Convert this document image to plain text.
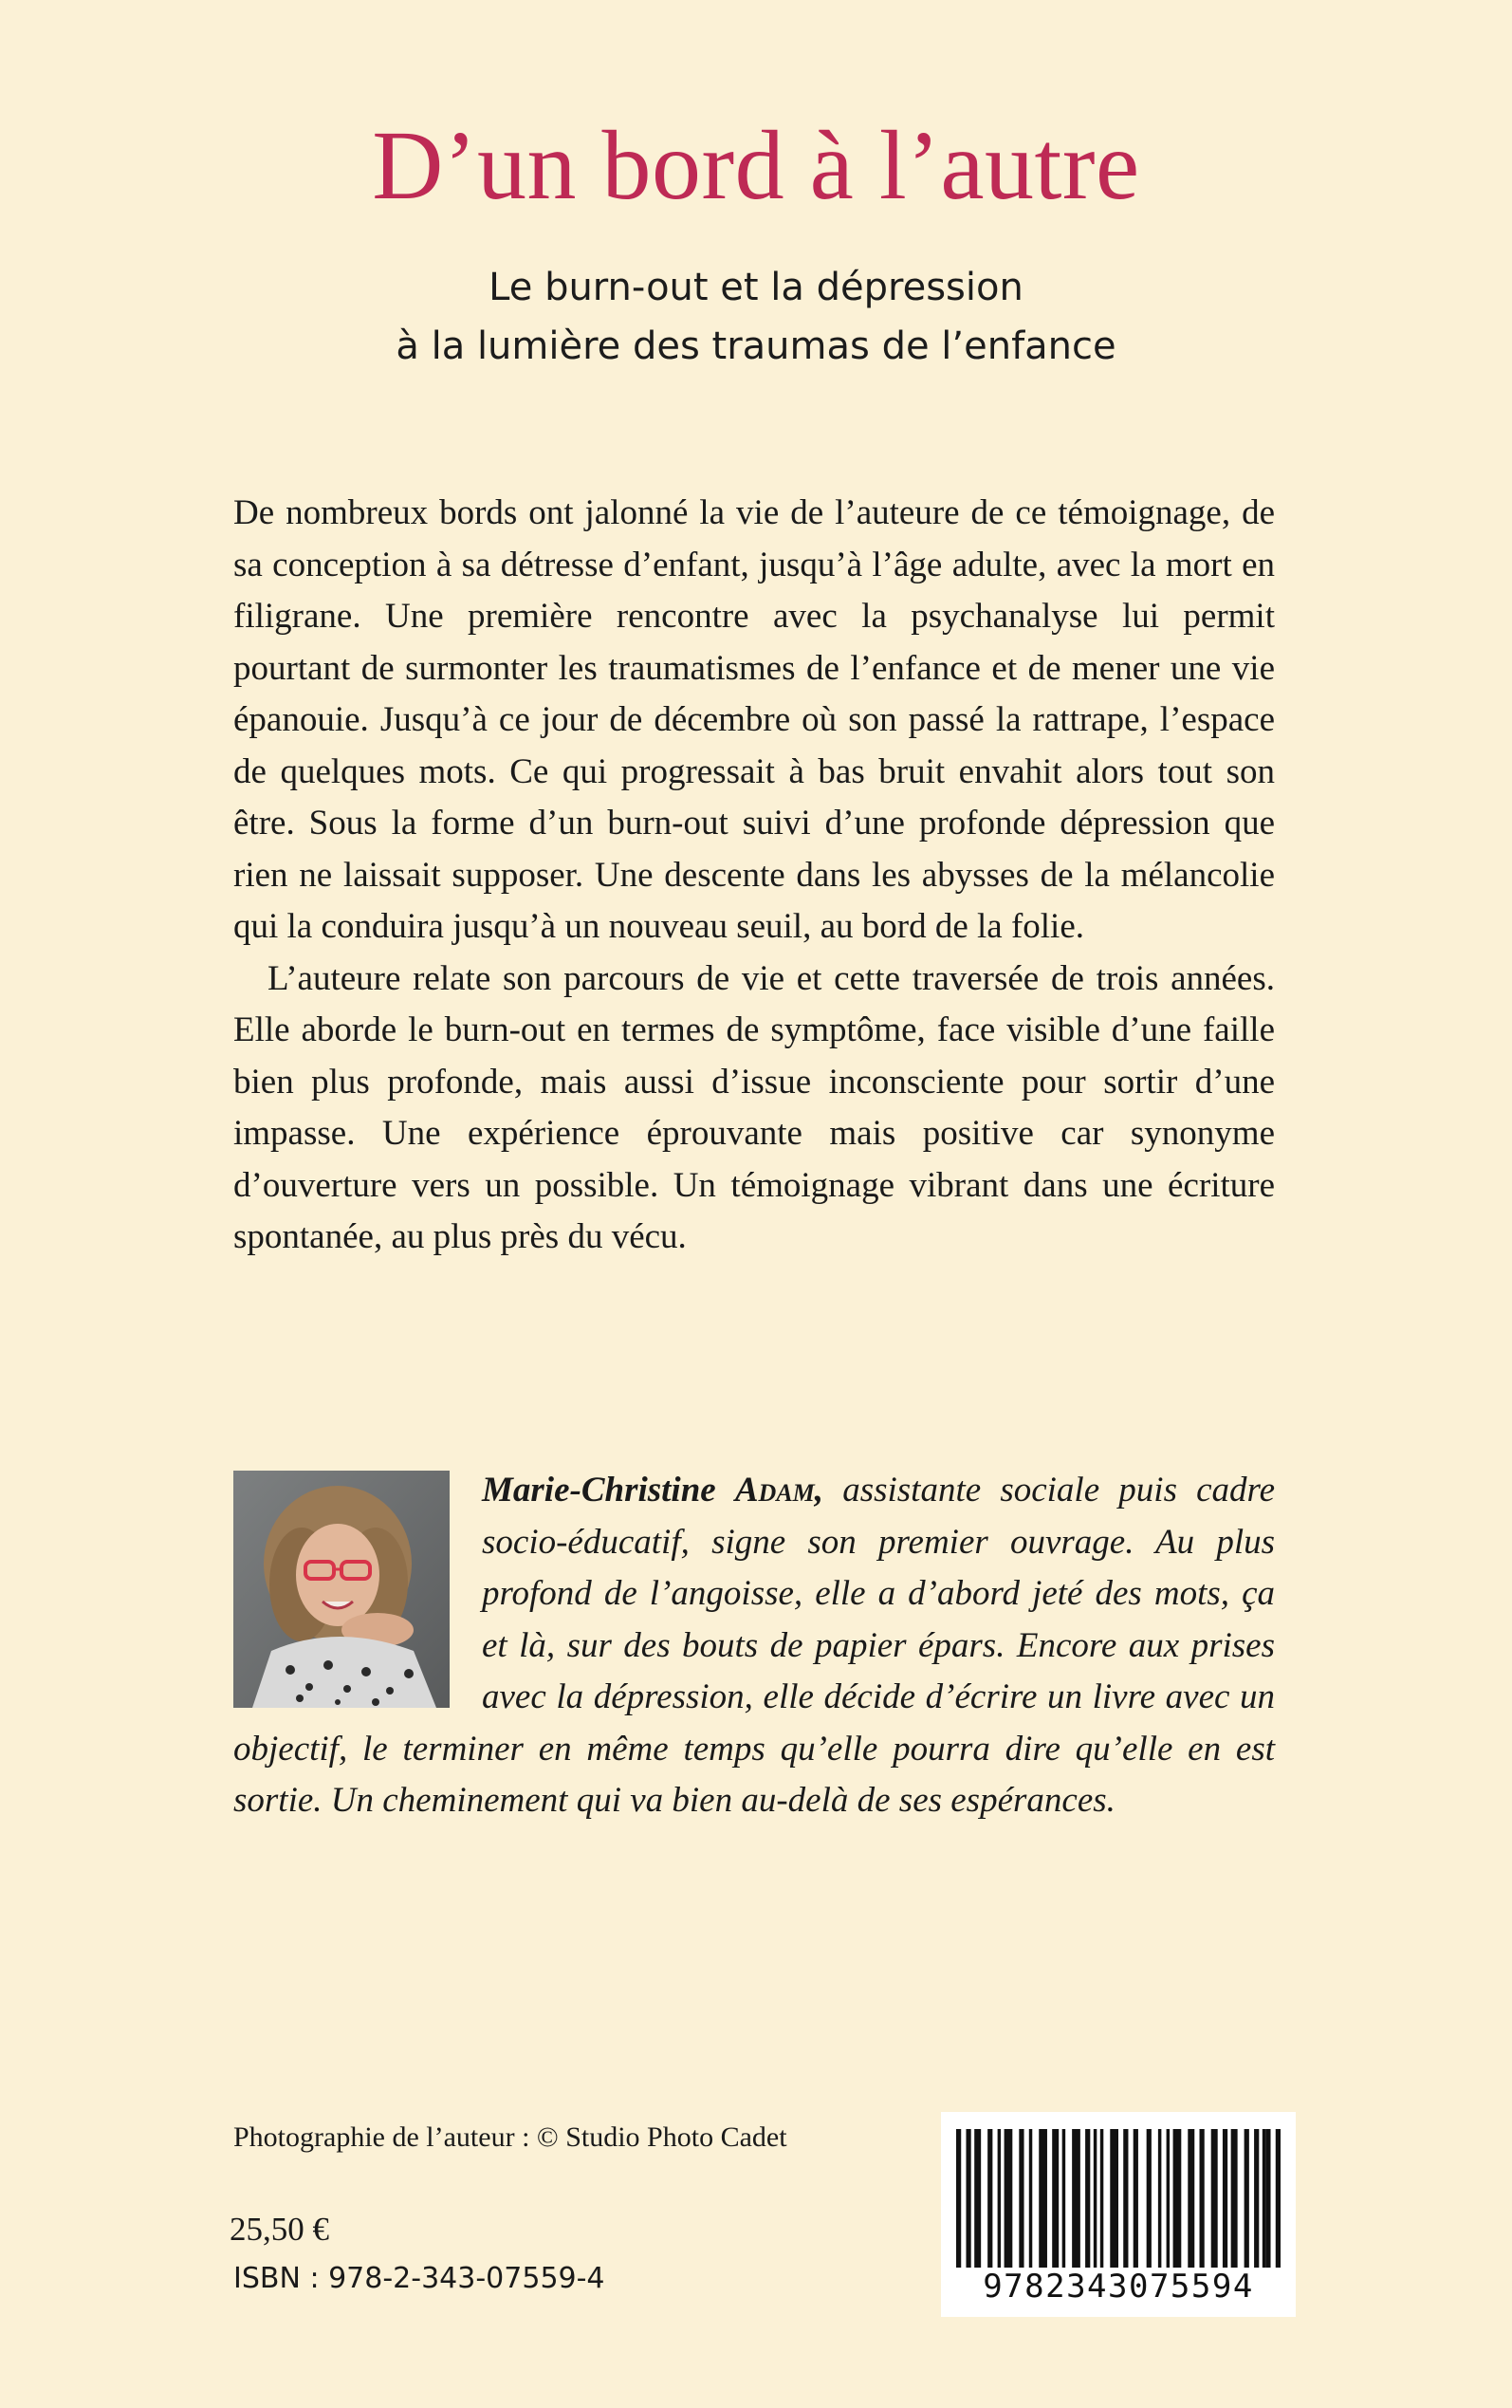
D’un bord à l’autre
Le burn-out et la dépression
à la lumière des traumas de l’enfance

De nombreux bords ont jalonné la vie de l’auteure de ce témoignage, de sa conception à sa détresse d’enfant, jusqu’à l’âge adulte, avec la mort en filigrane. Une première rencontre avec la psychanalyse lui permit pourtant de surmonter les traumatismes de l’enfance et de mener une vie épanouie. Jusqu’à ce jour de décembre où son passé la rattrape, l’espace de quelques mots. Ce qui progressait à bas bruit envahit alors tout son être. Sous la forme d’un burn-out suivi d’une profonde dépression que rien ne laissait supposer. Une descente dans les abysses de la mélancolie qui la conduira jusqu’à un nouveau seuil, au bord de la folie.

L’auteure relate son parcours de vie et cette traversée de trois années. Elle aborde le burn-out en termes de symptôme, face visible d’une faille bien plus profonde, mais aussi d’issue inconsciente pour sortir d’une impasse. Une expérience éprouvante mais positive car synonyme d’ouverture vers un possible. Un témoignage vibrant dans une écriture spontanée, au plus près du vécu.

Marie-Christine Adam, assistante sociale puis cadre socio-éducatif, signe son premier ouvrage. Au plus profond de l’angoisse, elle a d’abord jeté des mots, ça et là, sur des bouts de papier épars. Encore aux prises avec la dépression, elle décide d’écrire un livre avec un objectif, le terminer en même temps qu’elle pourra dire qu’elle en est sortie. Un cheminement qui va bien au-delà de ses espérances.
Photographie de l’auteur : © Studio Photo Cadet
25,50 €
ISBN : 978-2-343-07559-4	9782343075594
